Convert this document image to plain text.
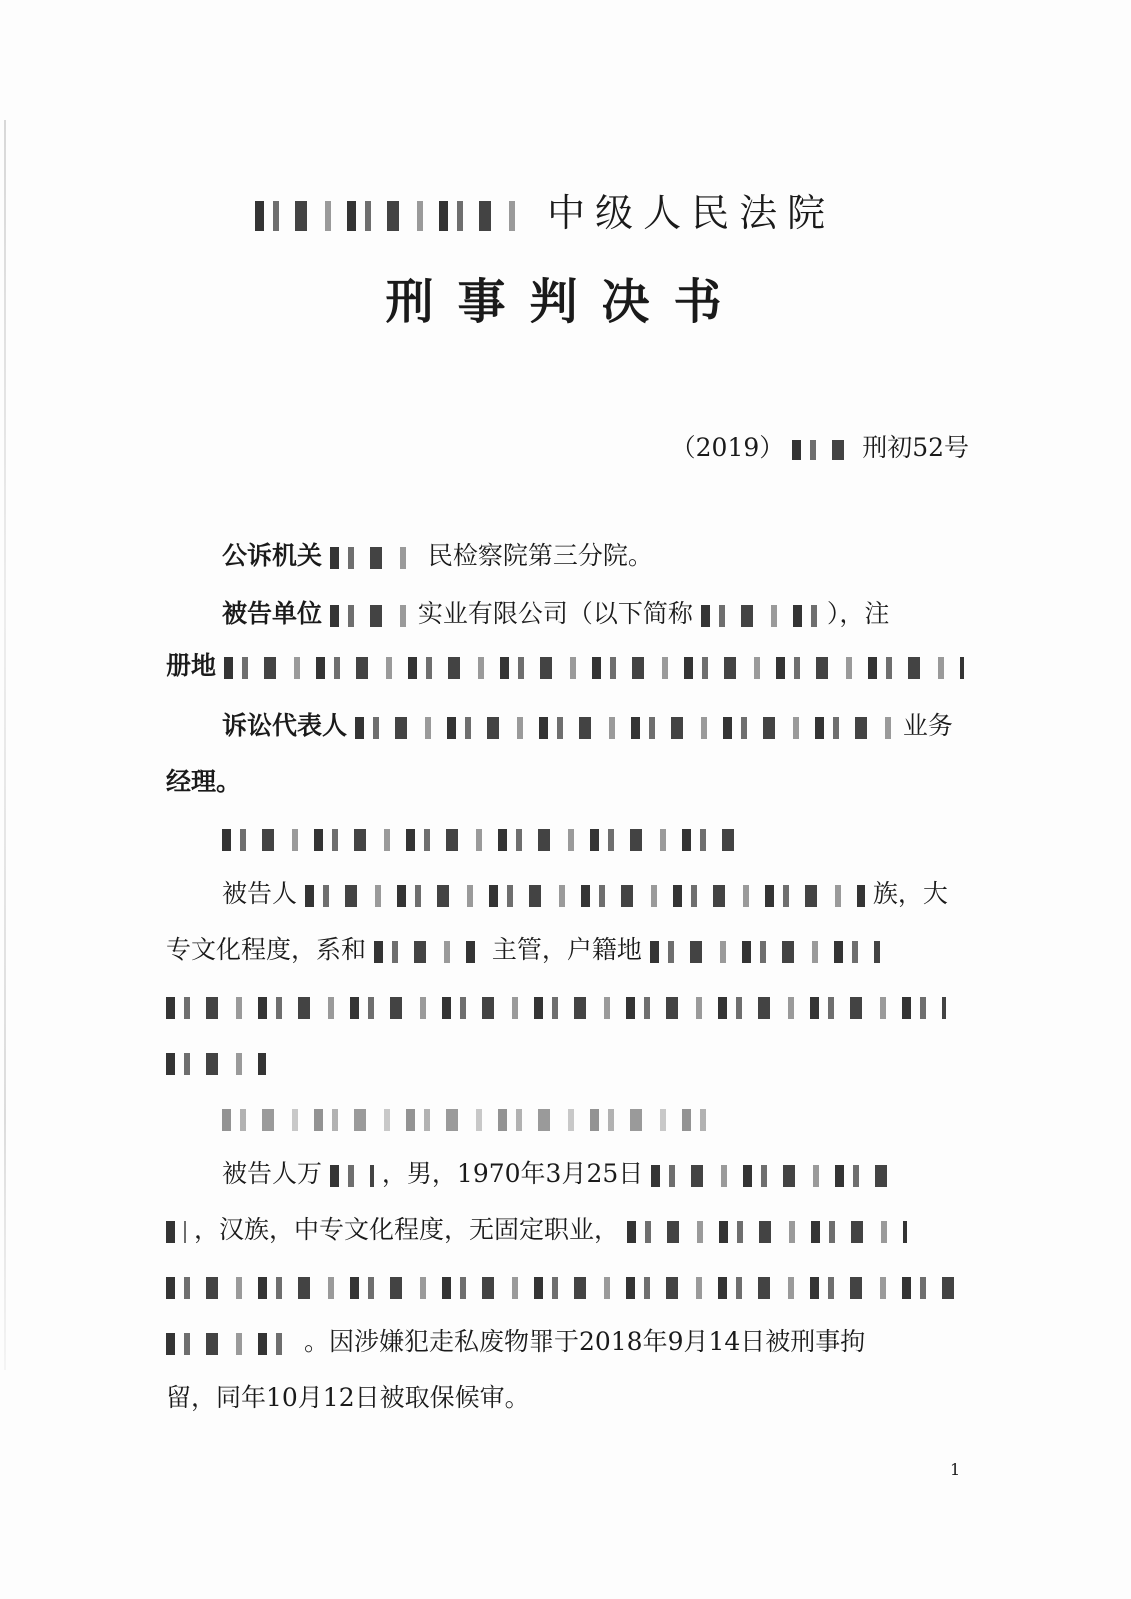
中级人民法院
刑事判决书
（2019）	刑初52号
公诉机关	民检察院第三分院。
被告单位	实业有限公司（以下简称	），注
册地
诉讼代表人	业务
经理。
被告人	族，大
专文化程度，系和	主管，户籍地
被告人万 ，男，1970年3月25日
，汉族，中专文化程度，无固定职业，
。因涉嫌犯走私废物罪于2018年9月14日被刑事拘
留，同年10月12日被取保候审。
1
